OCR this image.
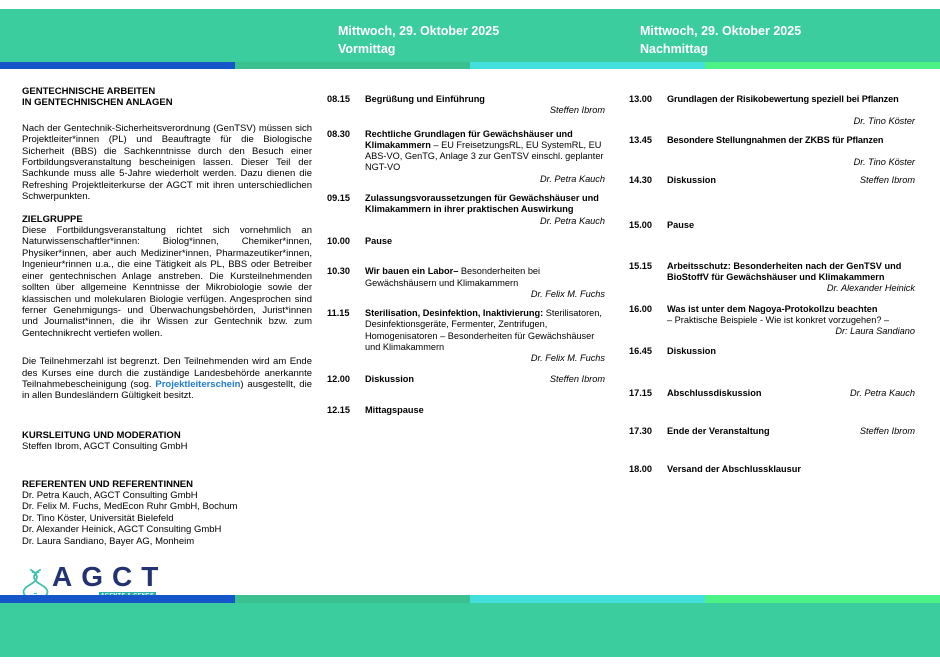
Mittwoch, 29. Oktober 2025
Vormittag
Mittwoch, 29. Oktober 2025
Nachmittag
GENTECHNISCHE ARBEITEN
IN GENTECHNISCHEN ANLAGEN

Nach der Gentechnik-Sicherheitsverordnung (GenTSV) müssen sich Projektleiter*innen (PL) und Beauftragte für die Biologische Sicherheit (BBS) die Sachkenntnisse durch den Besuch einer Fortbildungsveranstaltung bescheinigen lassen. Dieser Teil der Sachkunde muss alle 5-Jahre wiederholt werden. Dazu dienen die Refreshing Projektleiterkurse der AGCT mit ihren unterschiedlichen Schwerpunkten.

ZIELGRUPPE

Diese Fortbildungsveranstaltung richtet sich vornehmlich an Naturwissenschaftler*innen: Biolog*innen, Chemiker*innen, Physiker*innen, aber auch Mediziner*innen, Pharmazeutiker*innen, Ingenieur*rinnen u.a., die eine Tätigkeit als PL, BBS oder Betreiber einer gentechnischen Anlage anstreben. Die Kursteilnehmenden sollten über allgemeine Kenntnisse der Mikrobiologie sowie der klassischen und molekularen Biologie verfügen. Angesprochen sind ferner Genehmigungs- und Überwachungsbehörden, Jurist*innen und Journalist*innen, die ihr Wissen zur Gentechnik bzw. zum Gentechnikrecht vertiefen wollen.

Die Teilnehmerzahl ist begrenzt. Den Teilnehmenden wird am Ende des Kurses eine durch die zuständige Landesbehörde anerkannte Teilnahmebescheinigung (sog. Projektleiterschein) ausgestellt, die in allen Bundesländern Gültigkeit besitzt.

KURSLEITUNG UND MODERATION
Steffen Ibrom, AGCT Consulting GmbH
REFERENTEN UND REFERENTINNEN
Dr. Petra Kauch, AGCT Consulting GmbH
Dr. Felix M. Fuchs, MedEcon Ruhr GmbH, Bochum
Dr. Tino Köster, Universität Bielefeld
Dr. Alexander Heinick, AGCT Consulting GmbH
Dr. Laura Sandiano, Bayer AG, Monheim
AGCT

08.15	Begrüßung und Einführung
Steffen Ibrom
08.30	Rechtliche Grundlagen für Gewächshäuser und Klimakammern – EU FreisetzungsRL, EU SystemRL, EU ABS-VO, GenTG, Anlage 3 zur GenTSV einschl. geplanter NGT-VO
Dr. Petra Kauch
09.15	Zulassungsvoraussetzungen für Gewächshäuser und Klimakammern in ihrer praktischen Auswirkung
Dr. Petra Kauch
10.00	Pause
10.30	Wir bauen ein Labor– Besonderheiten bei Gewächshäusern und Klimakammern
Dr. Felix M. Fuchs
11.15	Sterilisation, Desinfektion, Inaktivierung: Sterilisatoren, Desinfektionsgeräte, Fermenter, Zentrifugen, Homogenisatoren – Besonderheiten für Gewächshäuser und Klimakammern
Dr. Felix M. Fuchs
12.00	Diskussion	Steffen Ibrom
12.15	Mittagspause
13.00	Grundlagen der Risikobewertung speziell bei Pflanzen
Dr. Tino Köster
13.45	Besondere Stellungnahmen der ZKBS für Pflanzen
Dr. Tino Köster
14.30	Diskussion	Steffen Ibrom
15.00	Pause
15.15	Arbeitsschutz: Besonderheiten nach der GenTSV und BioStoffV für Gewächshäuser und Klimakammern
Dr. Alexander Heinick
16.00	Was ist unter dem Nagoya-Protokollzu beachten
– Praktische Beispiele - Wie ist konkret vorzugehen? –
Dr: Laura Sandiano
16.45	Diskussion
17.15	Abschlussdiskussion	Dr. Petra Kauch
17.30	Ende der Veranstaltung	Steffen Ibrom
18.00	Versand der Abschlussklausur
